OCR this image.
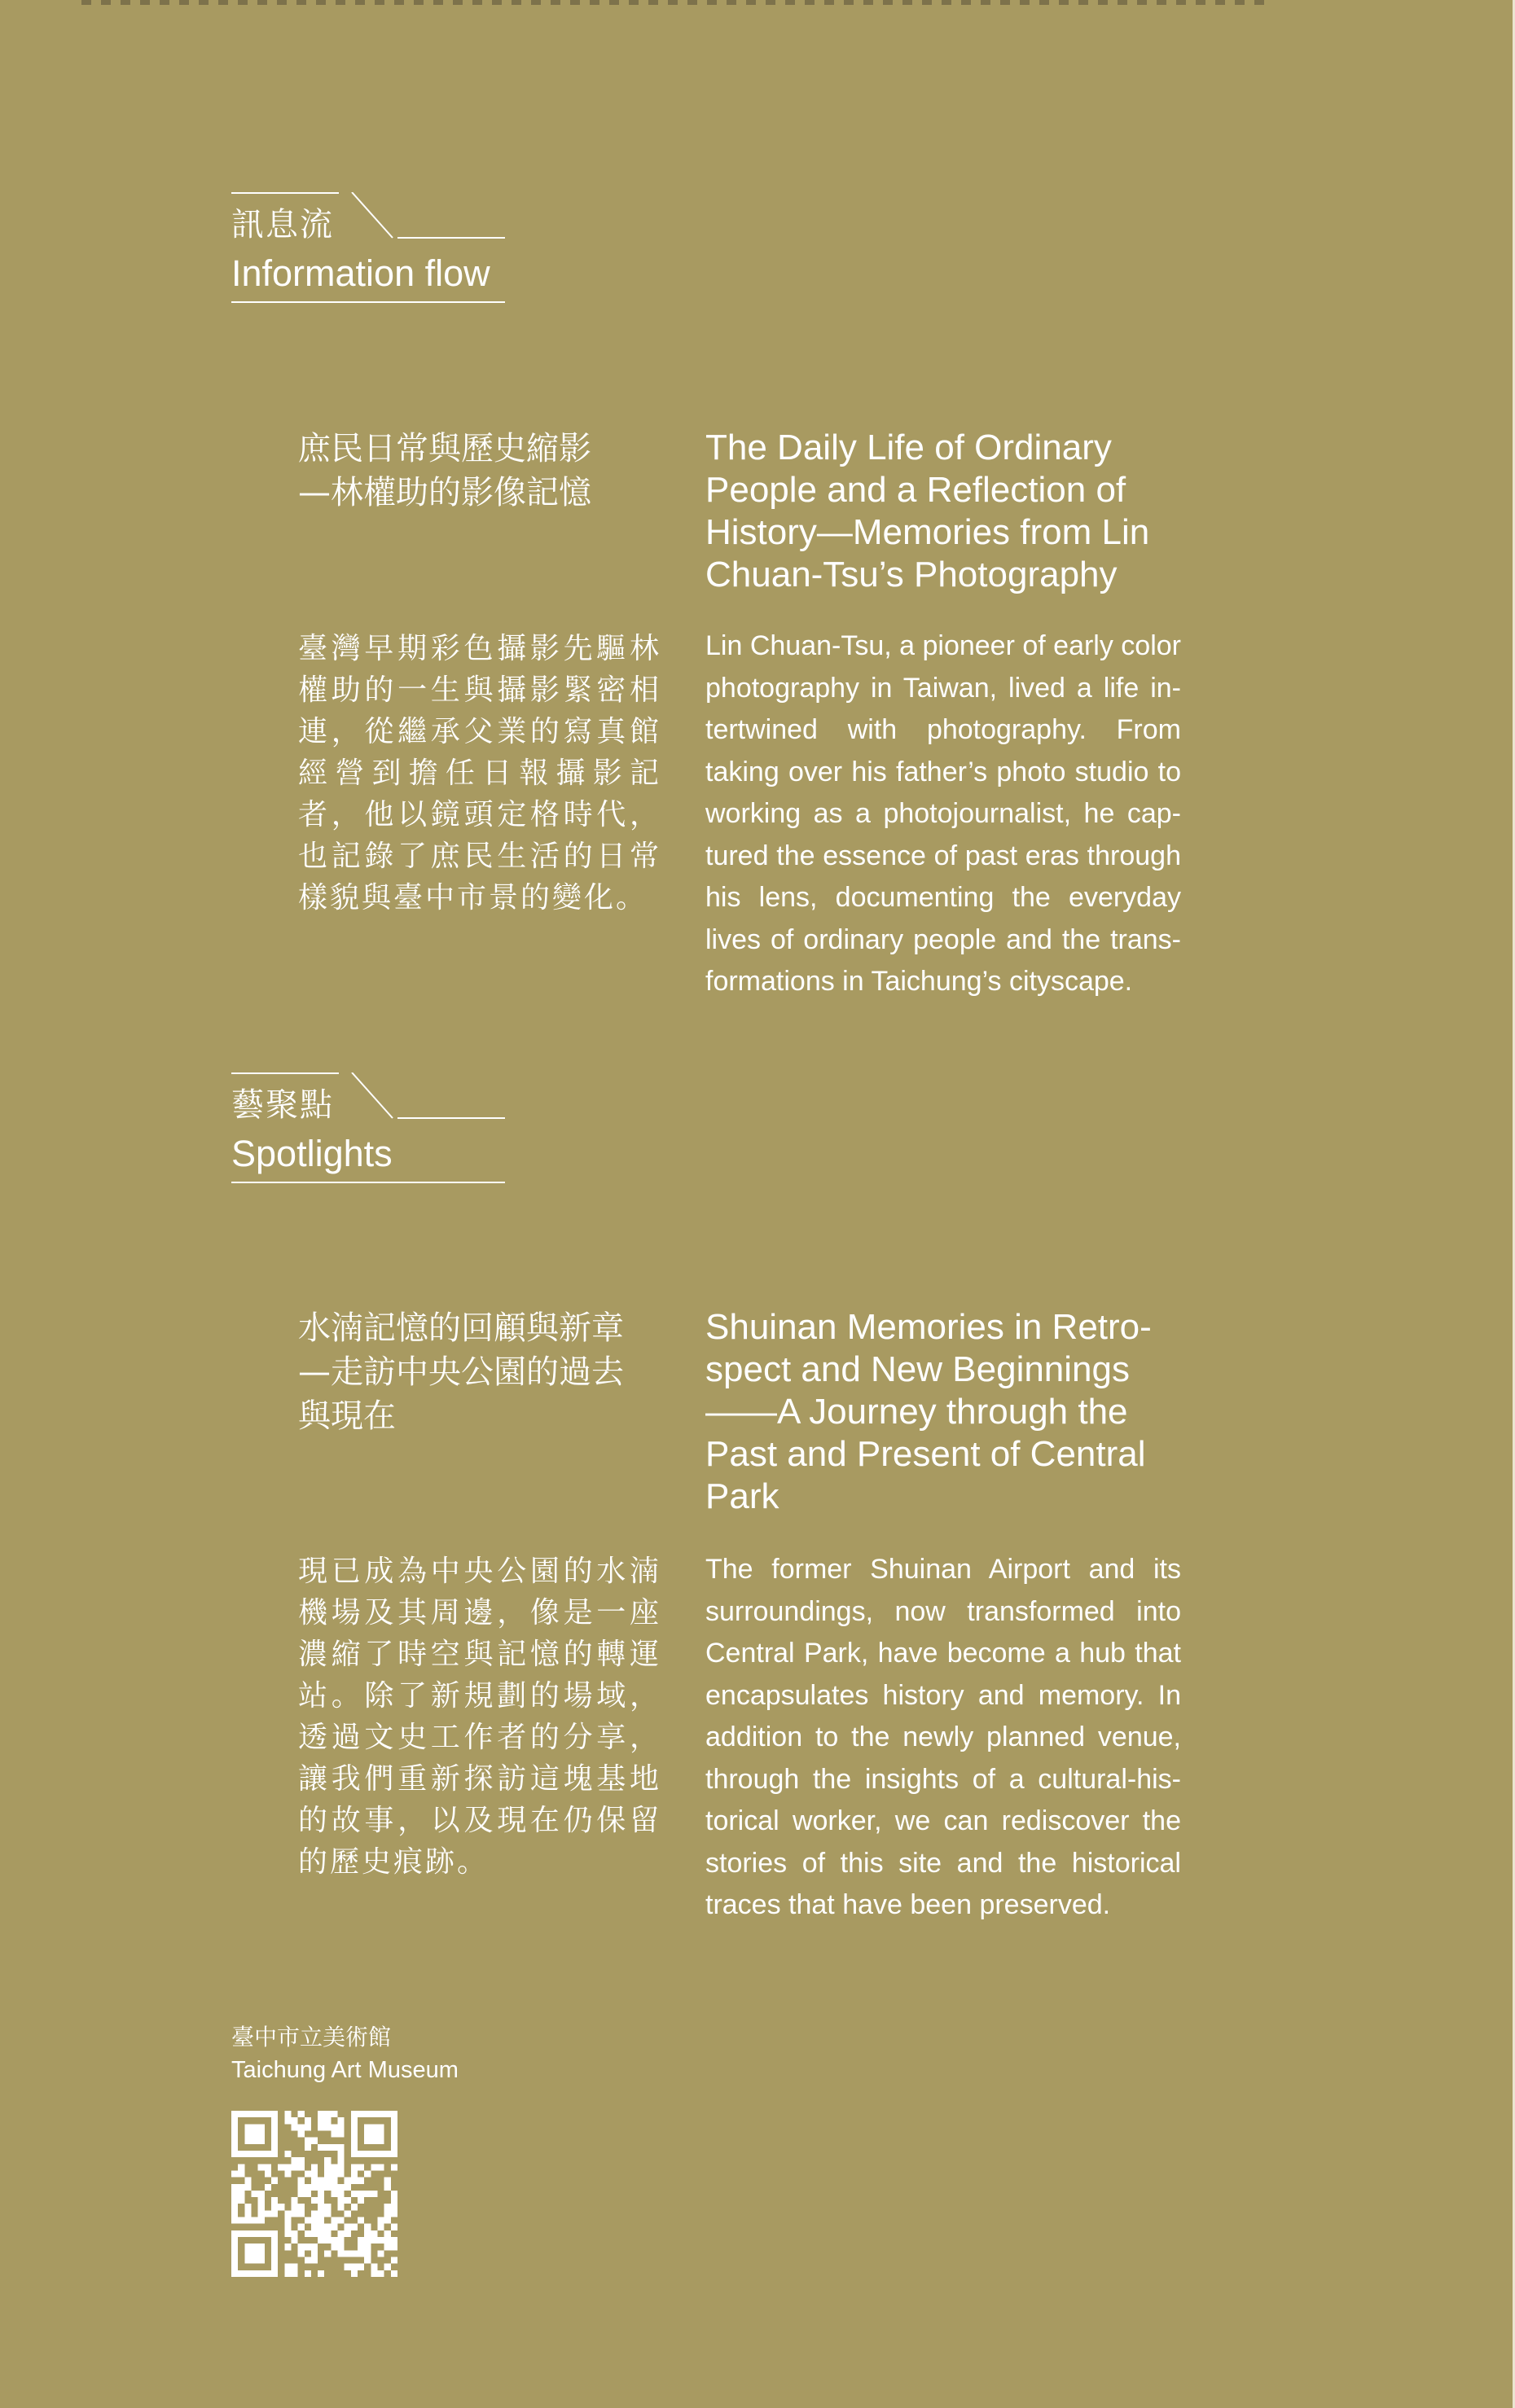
訊息流
Information flow
庶民日常與歷史縮影
—林權助的影像記憶
臺灣早期彩色攝影先驅林權助的一生與攝影緊密相連，從繼承父業的寫真館經營到擔任日報攝影記者，他以鏡頭定格時代，也記錄了庶民生活的日常樣貌與臺中市景的變化。
The Daily Life of Ordinary
People and a Reflection of
History—Memories from Lin
Chuan-Tsu’s Photography
Lin Chuan-Tsu, a pioneer of early color photography in Taiwan, lived a life in-tertwined with photography. From taking over his father’s photo studio to working as a photojournalist, he cap-tured the essence of past eras through his lens, documenting the everyday lives of ordinary people and the trans-formations in Taichung’s cityscape.
藝聚點
Spotlights
水湳記憶的回顧與新章
—走訪中央公園的過去
與現在
現已成為中央公園的水湳機場及其周邊，像是一座濃縮了時空與記憶的轉運站。除了新規劃的場域，透過文史工作者的分享，讓我們重新探訪這塊基地的故事，以及現在仍保留的歷史痕跡。
Shuinan Memories in Retro-
spect and New Beginnings
——A Journey through the
Past and Present of Central
Park
The former Shuinan Airport and its surroundings, now transformed into Central Park, have become a hub that encapsulates history and memory. In addition to the newly planned venue, through the insights of a cultural-his-torical worker, we can rediscover the stories of this site and the historical traces that have been preserved.
臺中市立美術館
Taichung Art Museum
